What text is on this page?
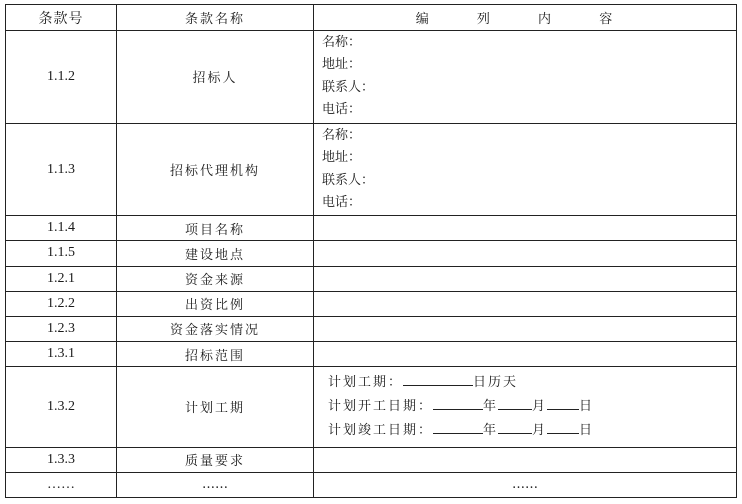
条款号	条款名称	编 列 内 容
1.1.2	招标人	名称：
地址：
联系人：
电话：

1.1.3	招标代理机构	名称：
地址：
联系人：
电话：

1.1.4	项目名称	
1.1.5	建设地点	
1.2.1	资金来源	
1.2.2	出资比例	
1.2.3	资金落实情况	
1.3.1	招标范围	
1.3.2	计划工期	计划工期： 日历天
计划开工日期： 年 月 日
计划竣工日期： 年 月 日

1.3.3	质量要求	
……	……	……
